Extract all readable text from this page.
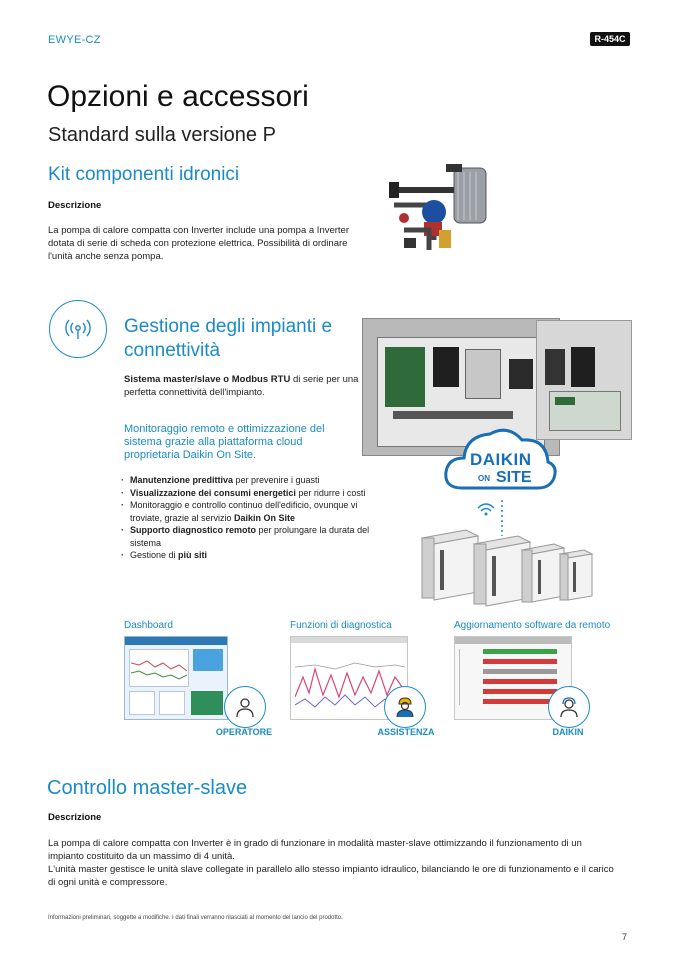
EWYE-CZ	R-454C
Opzioni e accessori
Standard sulla versione P
Kit componenti idronici
Descrizione
La pompa di calore compatta con Inverter include una pompa a Inverter dotata di serie di scheda con protezione elettrica. Possibilità di ordinare l'unità anche senza pompa.
Gestione degli impianti e
connettività
Sistema master/slave o Modbus RTU di serie per una perfetta connettività dell'impianto.
Monitoraggio remoto e ottimizzazione del sistema grazie alla piattaforma cloud proprietaria Daikin On Site.
· Manutenzione predittiva per prevenire i guasti
· Visualizzazione dei consumi energetici per ridurre i costi
· Monitoraggio e controllo continuo dell'edificio, ovunque vi troviate, grazie al servizio Daikin On Site
· Supporto diagnostico remoto per prolungare la durata del sistema
· Gestione di più siti
DAIKIN
ON SITE
Dashboard	Funzioni di diagnostica	Aggiornamento software da remoto
OPERATORE	ASSISTENZA	DAIKIN
Controllo master-slave
Descrizione
La pompa di calore compatta con Inverter è in grado di funzionare in modalità master-slave ottimizzando il funzionamento di un impianto costituito da un massimo di 4 unità.
L'unità master gestisce le unità slave collegate in parallelo allo stesso impianto idraulico, bilanciando le ore di funzionamento e il carico di ogni unità e compressore.
Informazioni preliminari, soggette a modifiche. I dati finali verranno rilasciati al momento del lancio del prodotto.
7
